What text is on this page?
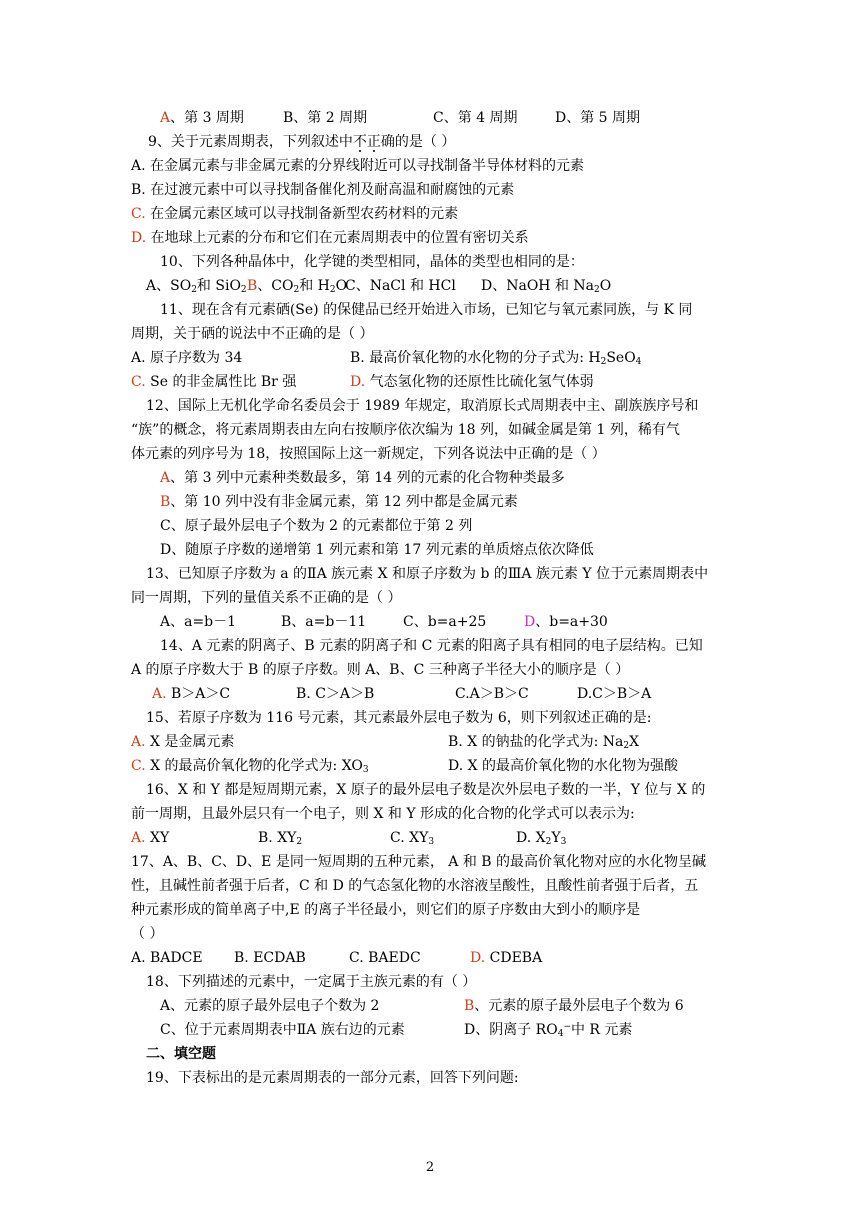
A、第 3 周期	B、第 2 周期	C、第 4 周期	D、第 5 周期
9、关于元素周期表，下列叙述中不正确的是（ ）
A. 在金属元素与非金属元素的分界线附近可以寻找制备半导体材料的元素
B. 在过渡元素中可以寻找制备催化剂及耐高温和耐腐蚀的元素
C. 在金属元素区域可以寻找制备新型农药材料的元素
D. 在地球上元素的分布和它们在元素周期表中的位置有密切关系
10、下列各种晶体中，化学键的类型相同，晶体的类型也相同的是：
A、$SO_2$和 SiO$_2$ B、$CO_2$和 $H_2O$
C、NaCl 和 HCl D、NaOH 和 $Na_2O$
11、现在含有元素硒(Se) 的保健品已经开始进入市场，已知它与氧元素同族，与 K 同
周期，关于硒的说法中不正确的是（ ）
A. 原子序数为 34	B. 最高价氧化物的水化物的分子式为: $H_2SeO_4$
C. Se 的非金属性比 Br 强	D. 气态氢化物的还原性比硫化氢气体弱
12、国际上无机化学命名委员会于 1989 年规定，取消原长式周期表中主、副族族序号和
“族”的概念，将元素周期表由左向右按顺序依次编为 18 列，如碱金属是第 1 列，稀有气
体元素的列序号为 18，按照国际上这一新规定，下列各说法中正确的是（ ）
A、第 3 列中元素种类数最多，第 14 列的元素的化合物种类最多
B、第 10 列中没有非金属元素，第 12 列中都是金属元素
C、原子最外层电子个数为 2 的元素都位于第 2 列
D、随原子序数的递增第 1 列元素和第 17 列元素的单质熔点依次降低
13、已知原子序数为 a 的ⅡA 族元素 X 和原子序数为 b 的ⅢA 族元素 Y 位于元素周期表中
同一周期，下列的量值关系不正确的是（ ）
A、a=b－1	B、a=b－11	C、b=a+25	D、b=a+30
14、A 元素的阴离子、B 元素的阴离子和 C 元素的阳离子具有相同的电子层结构。已知
A 的原子序数大于 B 的原子序数。则 A、B、C 三种离子半径大小的顺序是（ ）
A. B＞A＞C	B. C＞A＞B	C.A＞B＞C	D.C＞B＞A
15、若原子序数为 116 号元素，其元素最外层电子数为 6，则下列叙述正确的是:
A. X 是金属元素	B. X 的钠盐的化学式为: $Na_2X$
C. X 的最高价氧化物的化学式为: $XO_3$	D. X 的最高价氧化物的水化物为强酸
16、X 和 Y 都是短周期元素，X 原子的最外层电子数是次外层电子数的一半，Y 位与 X 的
前一周期，且最外层只有一个电子，则 X 和 Y 形成的化合物的化学式可以表示为:
A. XY	B. $XY_2$	C. $XY_3$	D. $X_2Y_3$
17、A、B、C、D、E 是同一短周期的五种元素， A 和 B 的最高价氧化物对应的水化物呈碱
性，且碱性前者强于后者，C 和 D 的气态氢化物的水溶液呈酸性，且酸性前者强于后者，五
种元素形成的简单离子中,E 的离子半径最小，则它们的原子序数由大到小的顺序是
（ ）
A. BADCE B. ECDAB	C. BAEDC	D. CDEBA
18、下列描述的元素中，一定属于主族元素的有（ ）
A、元素的原子最外层电子个数为 2	B、元素的原子最外层电子个数为 6
C、位于元素周期表中ⅡA 族右边的元素	D、阴离子 $RO_4^-$中 R 元素
二、填空题
19、下表标出的是元素周期表的一部分元素，回答下列问题:
2
